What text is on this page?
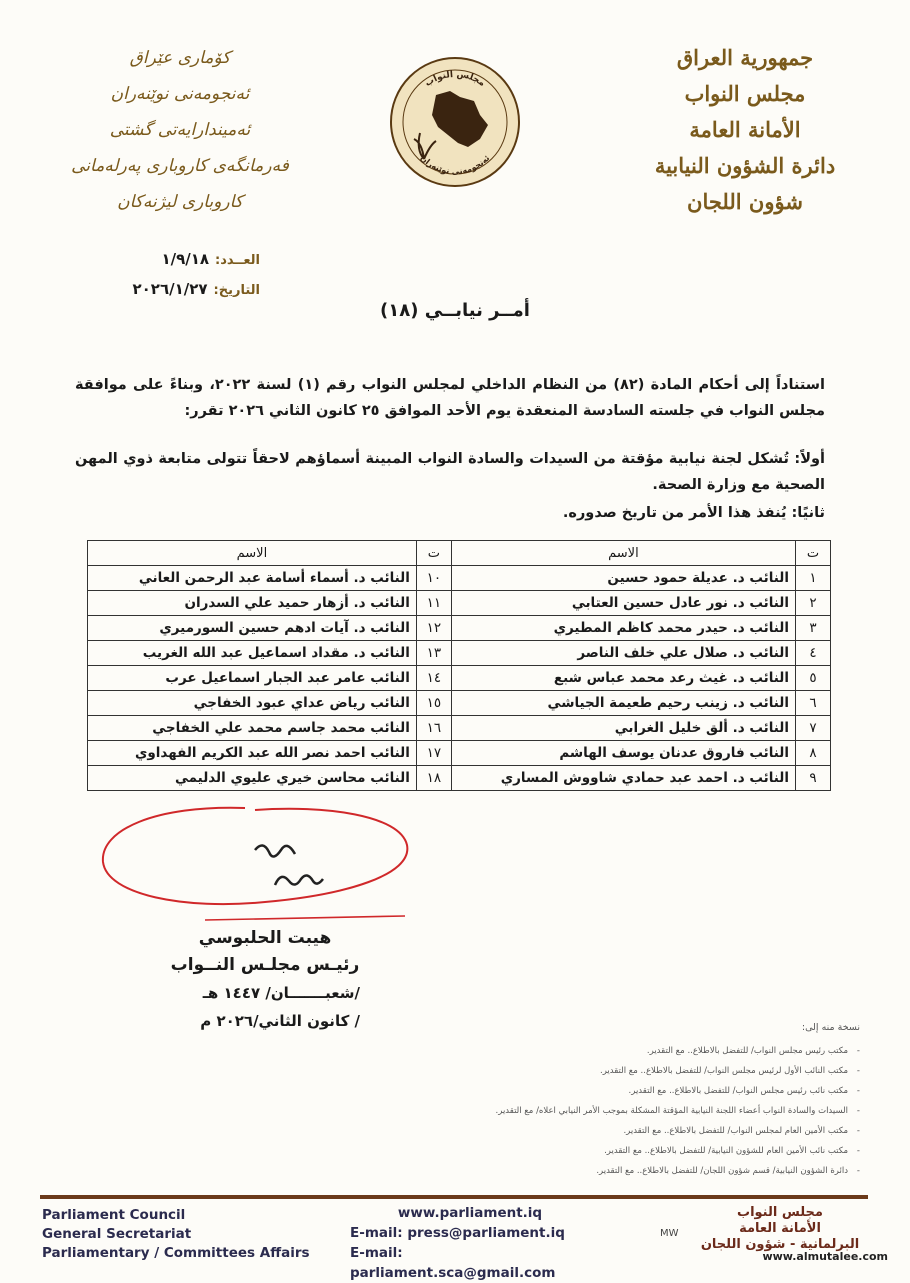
جمهورية العراق
مجلس النواب
الأمانة العامة
دائرة الشؤون النيابية
شؤون اللجان
كۆماری عێراق
ئەنجومەنی نوێنەران
ئەمیندارایەتی گشتی
فەرمانگەی کاروباری پەرلەمانی
کاروباری لیژنەکان
مجلس النواب
ئەنجومەنی نوێنەران
العــدد:١/٩/١٨
التاريخ:٢٠٢٦/١/٢٧
أمــر نيابــي (١٨)
استناداً إلى أحكام المادة (٨٢) من النظام الداخلي لمجلس النواب رقم (١) لسنة ٢٠٢٢، وبناءً على موافقة مجلس النواب في جلسته السادسة المنعقدة يوم الأحد الموافق ٢٥ كانون الثاني ٢٠٢٦ تقرر:
أولاً: تُشكل لجنة نيابية مؤقتة من السيدات والسادة النواب المبينة أسماؤهم لاحقاً تتولى متابعة ذوي المهن الصحية مع وزارة الصحة.
ثانيًا: يُنفذ هذا الأمر من تاريخ صدوره.
ت	الاسم	ت	الاسم
١	النائب د. عديلة حمود حسين	١٠	النائب د. أسماء أسامة عبد الرحمن العاني
٢	النائب د. نور عادل حسين العتابي	١١	النائب د. أزهار حميد علي السدران
٣	النائب د. حيدر محمد كاظم المطيري	١٢	النائب د. آيات ادهم حسين السورميري
٤	النائب د. صلال علي خلف الناصر	١٣	النائب د. مقداد اسماعيل عبد الله الغريب
٥	النائب د. غيث رعد محمد عباس شبع	١٤	النائب عامر عبد الجبار اسماعيل عرب
٦	النائب د. زينب رحيم طعيمة الجياشي	١٥	النائب رياض عداي عبود الخفاجي
٧	النائب د. ألق خليل الغرابي	١٦	النائب محمد جاسم محمد علي الخفاجي
٨	النائب فاروق عدنان يوسف الهاشم	١٧	النائب احمد نصر الله عبد الكريم الفهداوي
٩	النائب د. احمد عبد حمادي شاووش المساري	١٨	النائب محاسن خيري عليوي الدليمي
هيبت الحلبوسي
رئيـس مجلـس النــواب
/شعبـــــــان/ ١٤٤٧ هـ
/ كانون الثاني/٢٠٢٦ م	نسخة منه إلى:
- مكتب رئيس مجلس النواب/ للتفضل بالاطلاع.. مع التقدير.
- مكتب النائب الأول لرئيس مجلس النواب/ للتفضل بالاطلاع.. مع التقدير.
- مكتب نائب رئيس مجلس النواب/ للتفضل بالاطلاع.. مع التقدير.
- السيدات والسادة النواب أعضاء اللجنة النيابية المؤقتة المشكلة بموجب الأمر النيابي اعلاه/ مع التقدير.
- مكتب الأمين العام لمجلس النواب/ للتفضل بالاطلاع.. مع التقدير.
- مكتب نائب الأمين العام للشؤون النيابية/ للتفضل بالاطلاع.. مع التقدير.
- دائرة الشؤون النيابية/ قسم شؤون اللجان/ للتفضل بالاطلاع.. مع التقدير.
Parliament Council
General Secretariat
Parliamentary / Committees Affairs
www.parliament.iq
E-mail: press@parliament.iq
E-mail: parliament.sca@gmail.com
MW
مجلس النواب
الأمانة العامة
البرلمانية - شؤون اللجان
www.almutalee.com
